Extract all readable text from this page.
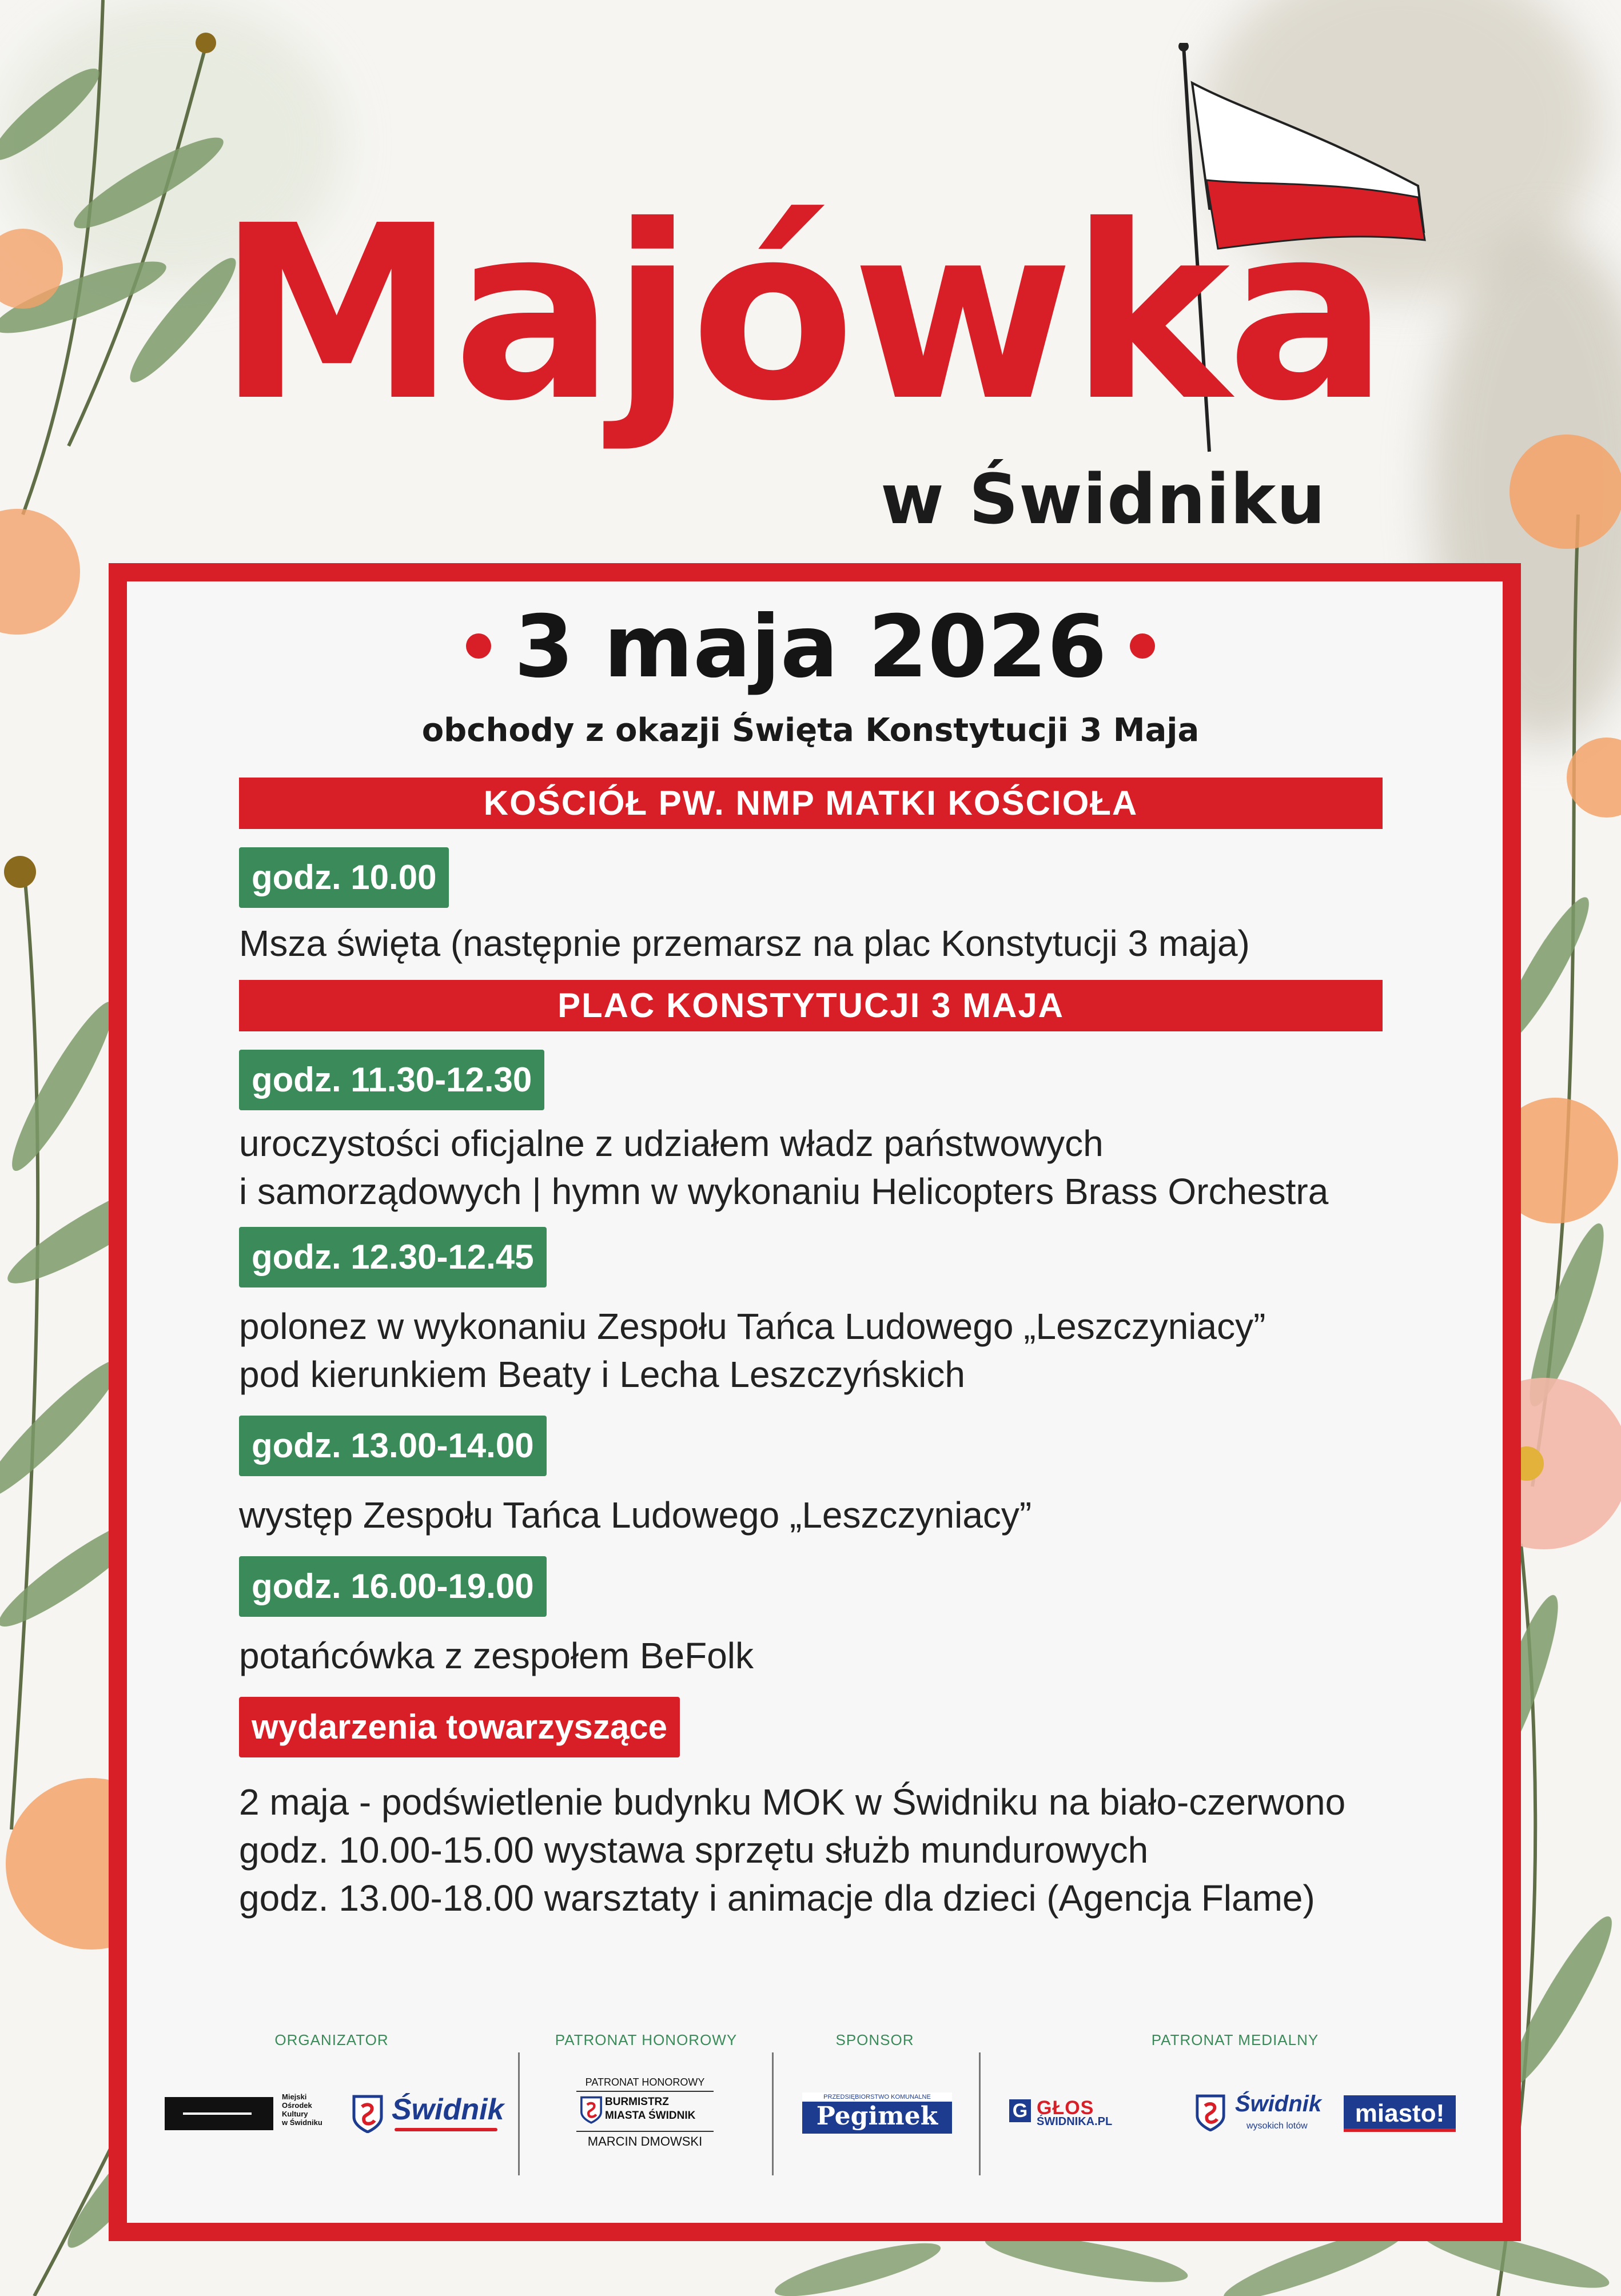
Majówka
w Świdniku
3 maja 2026
obchody z okazji Święta Konstytucji 3 Maja
KOŚCIÓŁ PW. NMP MATKI KOŚCIOŁA
godz. 10.00
Msza święta (następnie przemarsz na plac Konstytucji 3 maja)
PLAC KONSTYTUCJI 3 MAJA
godz. 11.30-12.30
uroczystości oficjalne z udziałem władz państwowych
i samorządowych | hymn w wykonaniu Helicopters Brass Orchestra
godz. 12.30-12.45
polonez w wykonaniu Zespołu Tańca Ludowego „Leszczyniacy”
pod kierunkiem Beaty i Lecha Leszczyńskich
godz. 13.00-14.00
występ Zespołu Tańca Ludowego „Leszczyniacy”
godz. 16.00-19.00
potańcówka z zespołem BeFolk
wydarzenia towarzyszące
2 maja - podświetlenie budynku MOK w Świdniku na biało-czerwono
godz. 10.00-15.00 wystawa sprzętu służb mundurowych
godz. 13.00-18.00 warsztaty i animacje dla dzieci (Agencja Flame)
ORGANIZATOR	PATRONAT HONOROWY	SPONSOR	PATRONAT MEDIALNY
Miejski
Ośrodek
Kultury
w Świdniku Świdnik
PATRONAT HONOROWY
BURMISTRZ
MIASTA ŚWIDNIK
MARCIN DMOWSKI
PRZEDSIĘBIORSTWO KOMUNALNE
Pegimek	G GŁOS
ŚWIDNIKA.PL
Świdnik
wysokich lotów	miasto!
